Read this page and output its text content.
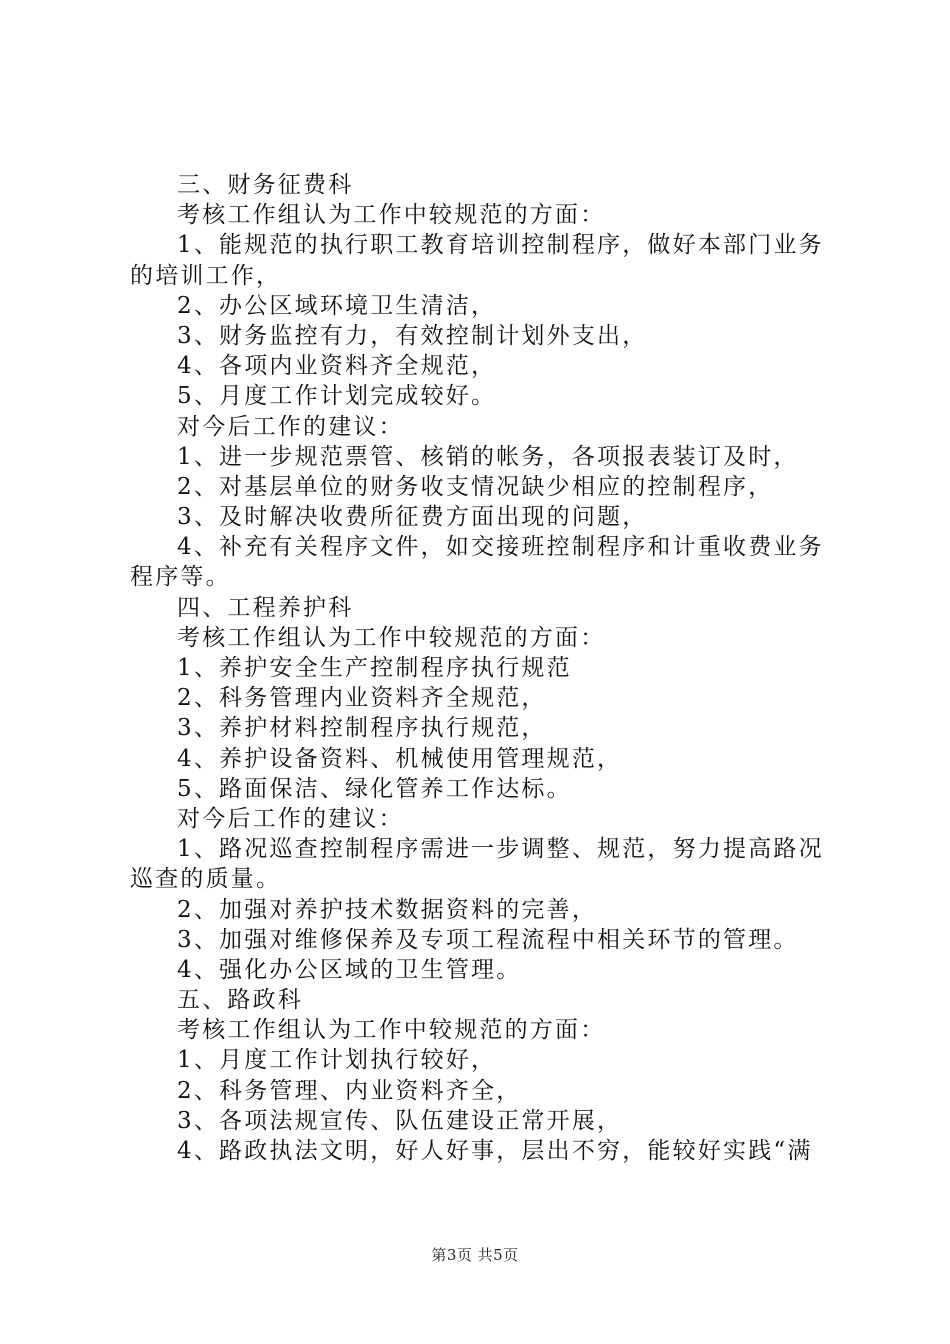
三、财务征费科
考核工作组认为工作中较规范的方面：
1、能规范的执行职工教育培训控制程序，做好本部门业务
的培训工作，
2、办公区域环境卫生清洁，
3、财务监控有力，有效控制计划外支出，
4、各项内业资料齐全规范，
5、月度工作计划完成较好。
对今后工作的建议：
1、进一步规范票管、核销的帐务，各项报表装订及时，
2、对基层单位的财务收支情况缺少相应的控制程序，
3、及时解决收费所征费方面出现的问题，
4、补充有关程序文件，如交接班控制程序和计重收费业务
程序等。
四、工程养护科
考核工作组认为工作中较规范的方面：
1、养护安全生产控制程序执行规范
2、科务管理内业资料齐全规范，
3、养护材料控制程序执行规范，
4、养护设备资料、机械使用管理规范，
5、路面保洁、绿化管养工作达标。
对今后工作的建议：
1、路况巡查控制程序需进一步调整、规范，努力提高路况
巡查的质量。
2、加强对养护技术数据资料的完善，
3、加强对维修保养及专项工程流程中相关环节的管理。
4、强化办公区域的卫生管理。
五、路政科
考核工作组认为工作中较规范的方面：
1、月度工作计划执行较好，
2、科务管理、内业资料齐全，
3、各项法规宣传、队伍建设正常开展，
4、路政执法文明，好人好事，层出不穷，能较好实践“满
第3页 共5页
